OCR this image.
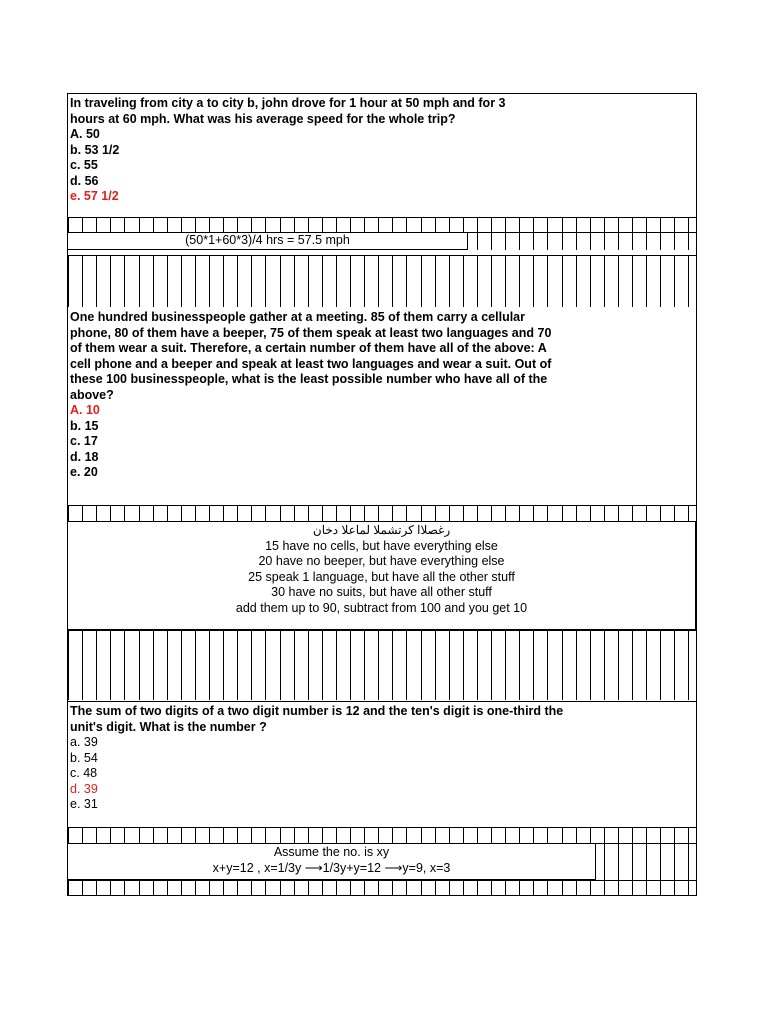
In traveling from city a to city b, john drove for 1 hour at 50 mph and for 3
hours at 60 mph. What was his average speed for the whole trip?
A. 50
b. 53 1/2
c. 55
d. 56
e. 57 1/2
(50*1+60*3)/4 hrs = 57.5 mph
One hundred businesspeople gather at a meeting. 85 of them carry a cellular
phone, 80 of them have a beeper, 75 of them speak at least two languages and 70
of them wear a suit. Therefore, a certain number of them have all of the above: A
cell phone and a beeper and speak at least two languages and wear a suit. Out of
these 100 businesspeople, what is the least possible number who have all of the
above?
A. 10
b. 15
c. 17
d. 18
e. 20
رغصلاا كرتشملا لماعلا دخان
15 have no cells, but have everything else
20 have no beeper, but have everything else
25 speak 1 language, but have all the other stuff
30 have no suits, but have all other stuff
add them up to 90, subtract from 100 and you get 10
The sum of two digits of a two digit number is 12 and the ten's digit is one-third the
unit's digit. What is the number ?
a. 39
b. 54
c. 48
d. 39
e. 31
Assume the no. is xy
x+y=12 , x=1/3y ⟶1/3y+y=12 ⟶y=9, x=3
